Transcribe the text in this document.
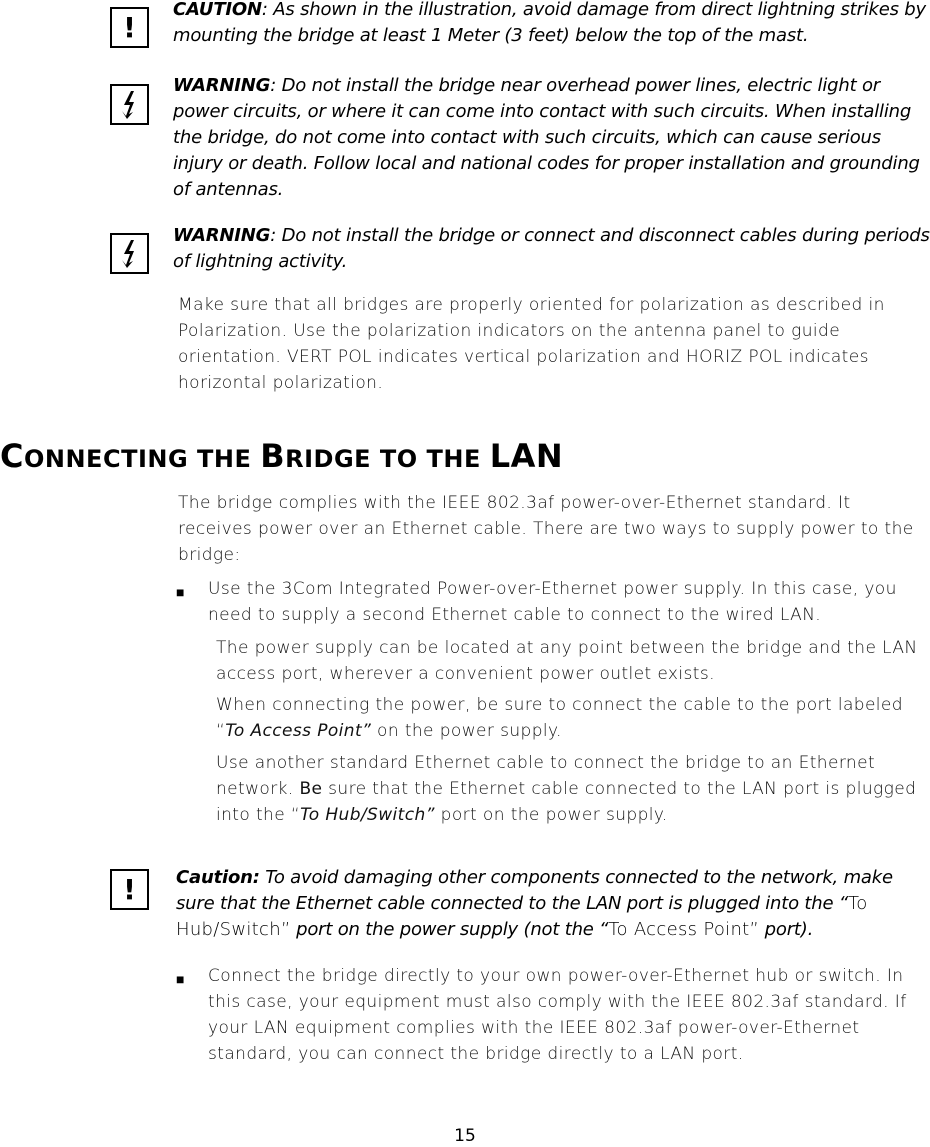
!
CAUTION: As shown in the illustration, avoid damage from direct lightning strikes by mounting the bridge at least 1 Meter (3 feet) below the top of the mast.
WARNING: Do not install the bridge near overhead power lines, electric light or power circuits, or where it can come into contact with such circuits. When installing the bridge, do not come into contact with such circuits, which can cause serious injury or death. Follow local and national codes for proper installation and grounding of antennas.
WARNING: Do not install the bridge or connect and disconnect cables during periods of lightning activity.
Make sure that all bridges are properly oriented for polarization as described in Polarization. Use the polarization indicators on the antenna panel to guide orientation. VERT POL indicates vertical polarization and HORIZ POL indicates horizontal polarization.
CONNECTING THE BRIDGE TO THE LAN
The bridge complies with the IEEE 802.3af power-over-Ethernet standard. It receives power over an Ethernet cable. There are two ways to supply power to the bridge:
■ Use the 3Com Integrated Power-over-Ethernet power supply. In this case, you need to supply a second Ethernet cable to connect to the wired LAN.
The power supply can be located at any point between the bridge and the LAN access port, wherever a convenient power outlet exists.
When connecting the power, be sure to connect the cable to the port labeled “To Access Point” on the power supply.
Use another standard Ethernet cable to connect the bridge to an Ethernet network. Be sure that the Ethernet cable connected to the LAN port is plugged into the “To Hub/Switch” port on the power supply.
! Caution: To avoid damaging other components connected to the network, make sure that the Ethernet cable connected to the LAN port is plugged into the “To Hub/Switch” port on the power supply (not the “To Access Point” port).
■ Connect the bridge directly to your own power-over-Ethernet hub or switch. In this case, your equipment must also comply with the IEEE 802.3af standard. If your LAN equipment complies with the IEEE 802.3af power-over-Ethernet standard, you can connect the bridge directly to a LAN port.
15
